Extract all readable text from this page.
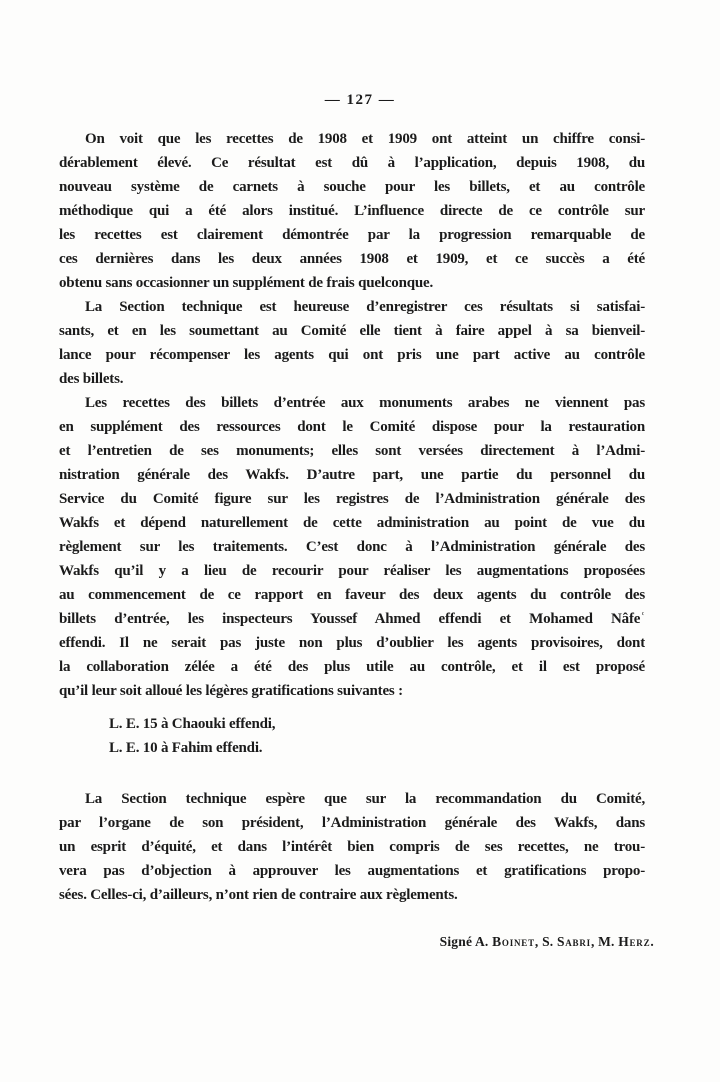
— 127 —
On voit que les recettes de 1908 et 1909 ont atteint un chiffre consi-
dérablement élevé. Ce résultat est dû à l’application, depuis 1908, du
nouveau système de carnets à souche pour les billets, et au contrôle
méthodique qui a été alors institué. L’influence directe de ce contrôle sur
les recettes est clairement démontrée par la progression remarquable de
ces dernières dans les deux années 1908 et 1909, et ce succès a été
obtenu sans occasionner un supplément de frais quelconque.
La Section technique est heureuse d’enregistrer ces résultats si satisfai-
sants, et en les soumettant au Comité elle tient à faire appel à sa bienveil-
lance pour récompenser les agents qui ont pris une part active au contrôle
des billets.
Les recettes des billets d’entrée aux monuments arabes ne viennent pas
en supplément des ressources dont le Comité dispose pour la restauration
et l’entretien de ses monuments; elles sont versées directement à l’Admi-
nistration générale des Wakfs. D’autre part, une partie du personnel du
Service du Comité figure sur les registres de l’Administration générale des
Wakfs et dépend naturellement de cette administration au point de vue du
règlement sur les traitements. C’est donc à l’Administration générale des
Wakfs qu’il y a lieu de recourir pour réaliser les augmentations proposées
au commencement de ce rapport en faveur des deux agents du contrôle des
billets d’entrée, les inspecteurs Youssef Ahmed effendi et Mohamed Nâfeʿ
effendi. Il ne serait pas juste non plus d’oublier les agents provisoires, dont
la collaboration zélée a été des plus utile au contrôle, et il est proposé
qu’il leur soit alloué les légères gratifications suivantes :
L. E. 15 à Chaouki effendi,
L. E. 10 à Fahim effendi.
La Section technique espère que sur la recommandation du Comité,
par l’organe de son président, l’Administration générale des Wakfs, dans
un esprit d’équité, et dans l’intérêt bien compris de ses recettes, ne trou-
vera pas d’objection à approuver les augmentations et gratifications propo-
sées. Celles-ci, d’ailleurs, n’ont rien de contraire aux règlements.
Signé A. Boinet, S. Sabri, M. Herz.
